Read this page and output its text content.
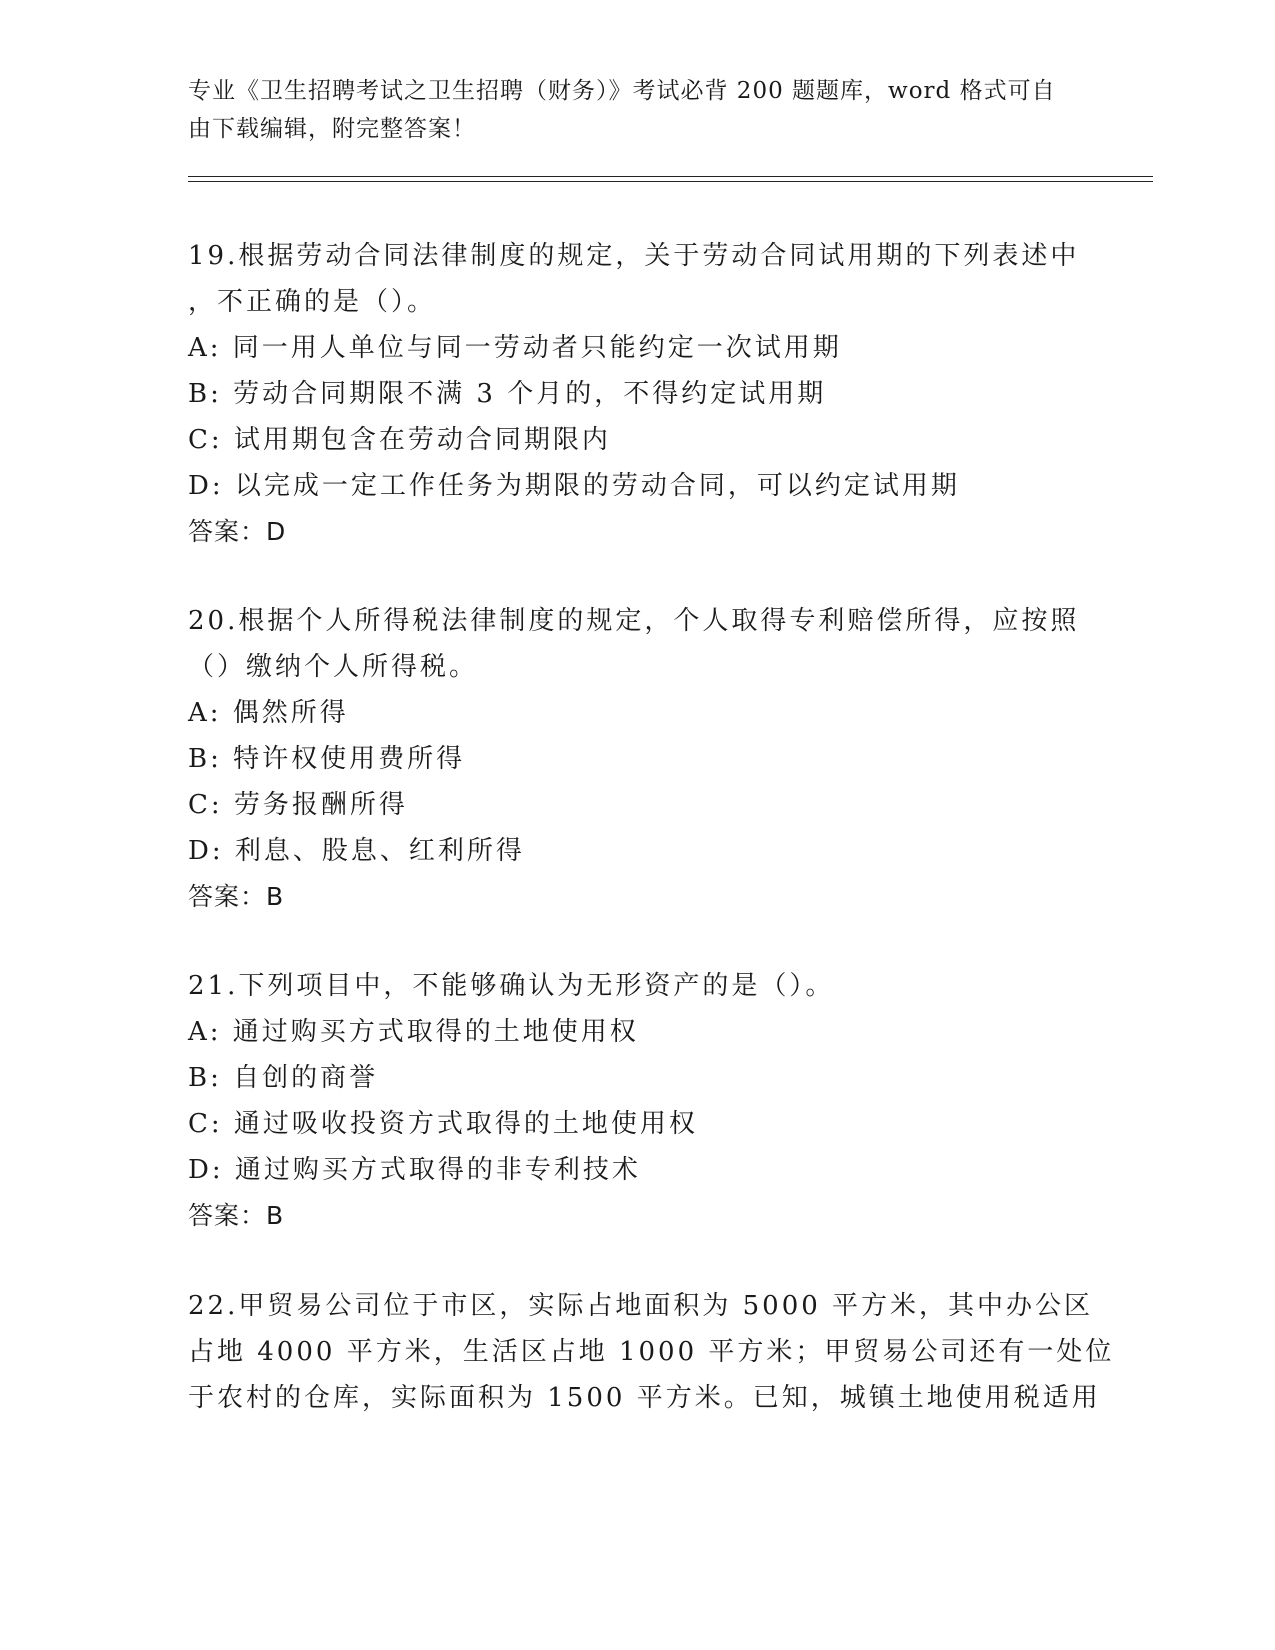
专业《卫生招聘考试之卫生招聘（财务）》考试必背 200 题题库，word 格式可自
由下载编辑，附完整答案！
19.根据劳动合同法律制度的规定，关于劳动合同试用期的下列表述中
，不正确的是（）。
A: 同一用人单位与同一劳动者只能约定一次试用期
B: 劳动合同期限不满 3 个月的，不得约定试用期
C: 试用期包含在劳动合同期限内
D: 以完成一定工作任务为期限的劳动合同，可以约定试用期
答案：D
20.根据个人所得税法律制度的规定，个人取得专利赔偿所得，应按照
（）缴纳个人所得税。
A: 偶然所得
B: 特许权使用费所得
C: 劳务报酬所得
D: 利息、股息、红利所得
答案：B
21.下列项目中，不能够确认为无形资产的是（）。
A: 通过购买方式取得的土地使用权
B: 自创的商誉
C: 通过吸收投资方式取得的土地使用权
D: 通过购买方式取得的非专利技术
答案：B
22.甲贸易公司位于市区，实际占地面积为 5000 平方米，其中办公区
占地 4000 平方米，生活区占地 1000 平方米；甲贸易公司还有一处位
于农村的仓库，实际面积为 1500 平方米。已知，城镇土地使用税适用
